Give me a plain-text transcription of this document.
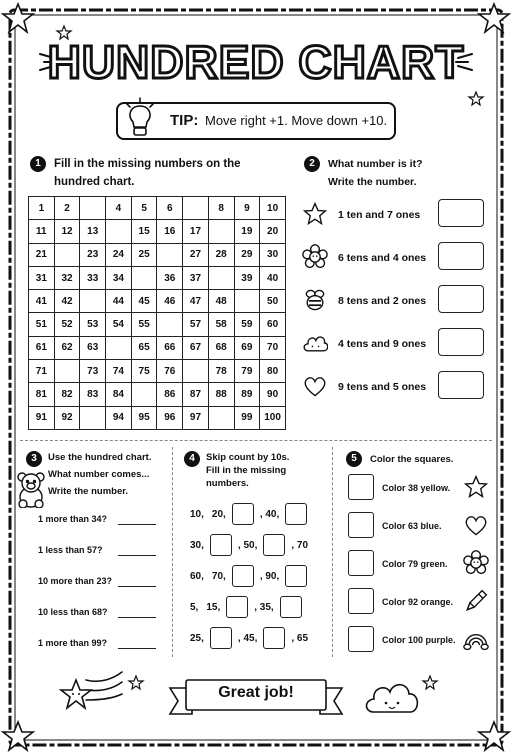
HUNDRED CHART
TIP: Move right +1. Move down +10.
1	Fill in the missing numbers on the
hundred chart.
1	2		4	5	6		8	9	10
11	12	13		15	16	17		19	20
21		23	24	25		27	28	29	30
31	32	33	34		36	37		39	40
41	42		44	45	46	47	48		50
51	52	53	54	55		57	58	59	60
61	62	63		65	66	67	68	69	70
71		73	74	75	76		78	79	80
81	82	83	84		86	87	88	89	90
91	92		94	95	96	97		99	100
2	What number is it?
Write the number.
1 ten and 7 ones
6 tens and 4 ones
8 tens and 2 ones
4 tens and 9 ones
9 tens and 5 ones
3	Use the hundred chart.
What number comes...
Write the number.
1 more than 34?
1 less than 57?
10 more than 23?
10 less than 68?
1 more than 99?
4	Skip count by 10s.
Fill in the missing
numbers.
10, 20,	, 40,
30,	, 50,	, 70
60, 70,	, 90,
5, 15,	, 35,
25,	, 45,	, 65
5	Color the squares.
Color 38 yellow.
Color 63 blue.
Color 79 green.
Color 92 orange.
Color 100 purple.
Great job!
